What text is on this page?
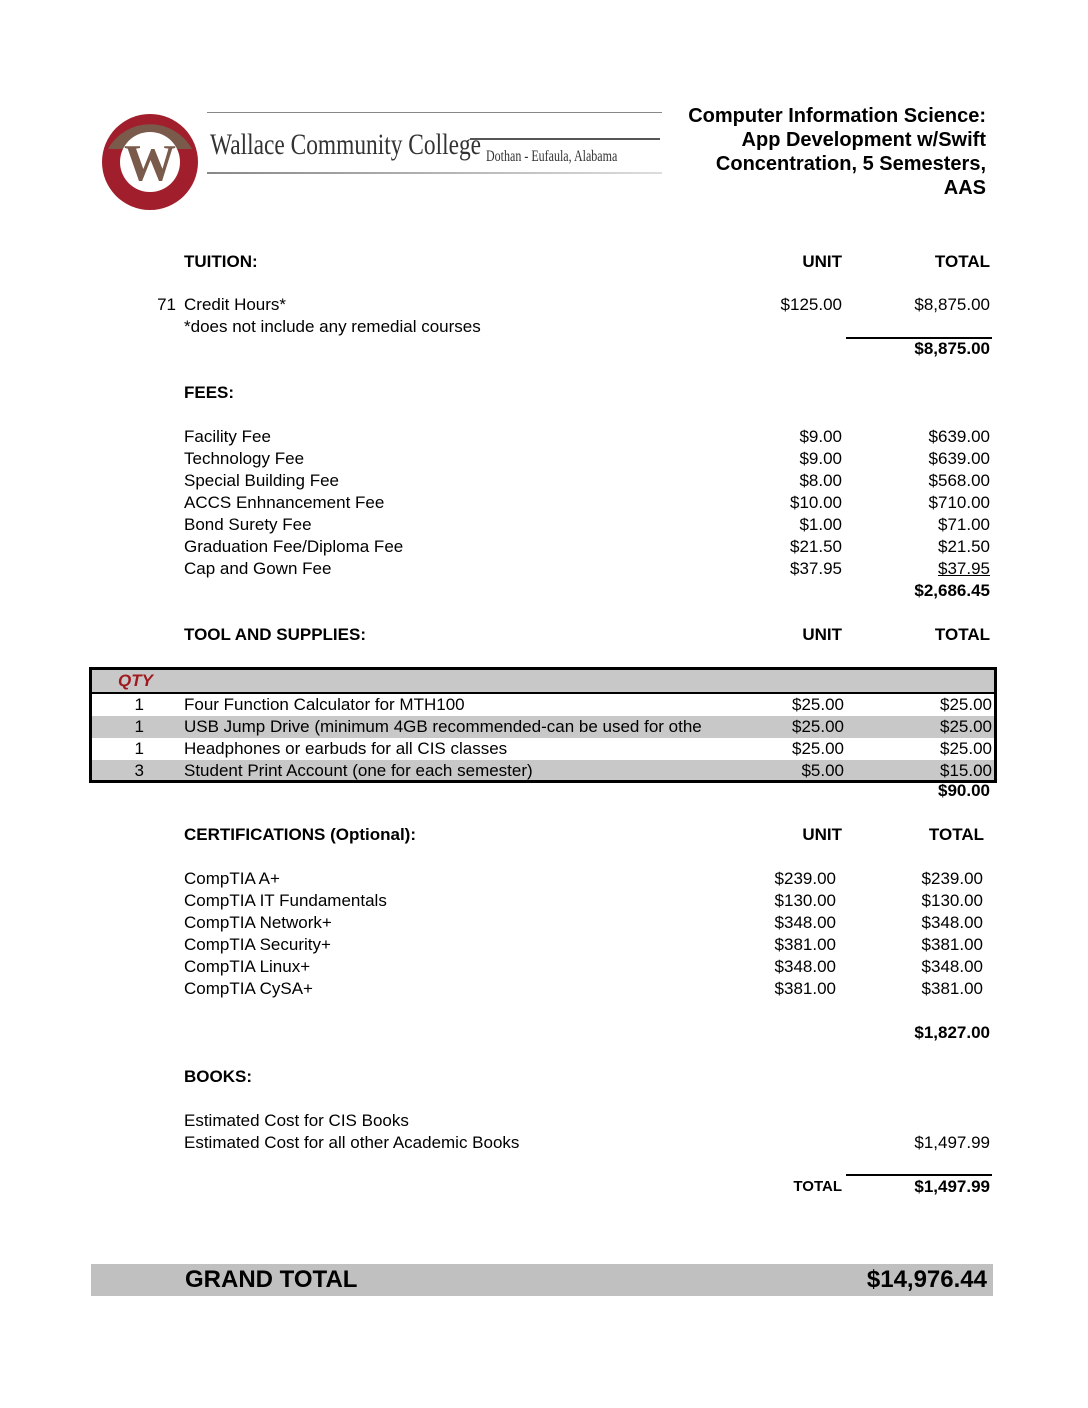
W Wallace Community College Dothan - Eufaula, Alabama
Computer Information Science: App Development w/Swift Concentration, 5 Semesters, AAS
TUITION:	UNIT	TOTAL
71 Credit Hours*	$125.00	$8,875.00
*does not include any remedial courses
$8,875.00
FEES:
Facility Fee	$9.00	$639.00
Technology Fee	$9.00	$639.00
Special Building Fee	$8.00	$568.00
ACCS Enhnancement Fee	$10.00	$710.00
Bond Surety Fee	$1.00	$71.00
Graduation Fee/Diploma Fee	$21.50	$21.50
Cap and Gown Fee	$37.95	$37.95
$2,686.45
TOOL AND SUPPLIES:	UNIT	TOTAL
QTY
1 Four Function Calculator for MTH100	$25.00	$25.00
1 USB Jump Drive (minimum 4GB recommended-can be used for othe	$25.00	$25.00
1 Headphones or earbuds for all CIS classes	$25.00	$25.00
3 Student Print Account (one for each semester)	$5.00	$15.00
$90.00
CERTIFICATIONS (Optional):	UNIT	TOTAL
CompTIA A+	$239.00	$239.00
CompTIA IT Fundamentals	$130.00	$130.00
CompTIA Network+	$348.00	$348.00
CompTIA Security+	$381.00	$381.00
CompTIA Linux+	$348.00	$348.00
CompTIA CySA+	$381.00	$381.00
$1,827.00
BOOKS:
Estimated Cost for CIS Books
Estimated Cost for all other Academic Books	$1,497.99
TOTAL	$1,497.99
GRAND TOTAL	$14,976.44
